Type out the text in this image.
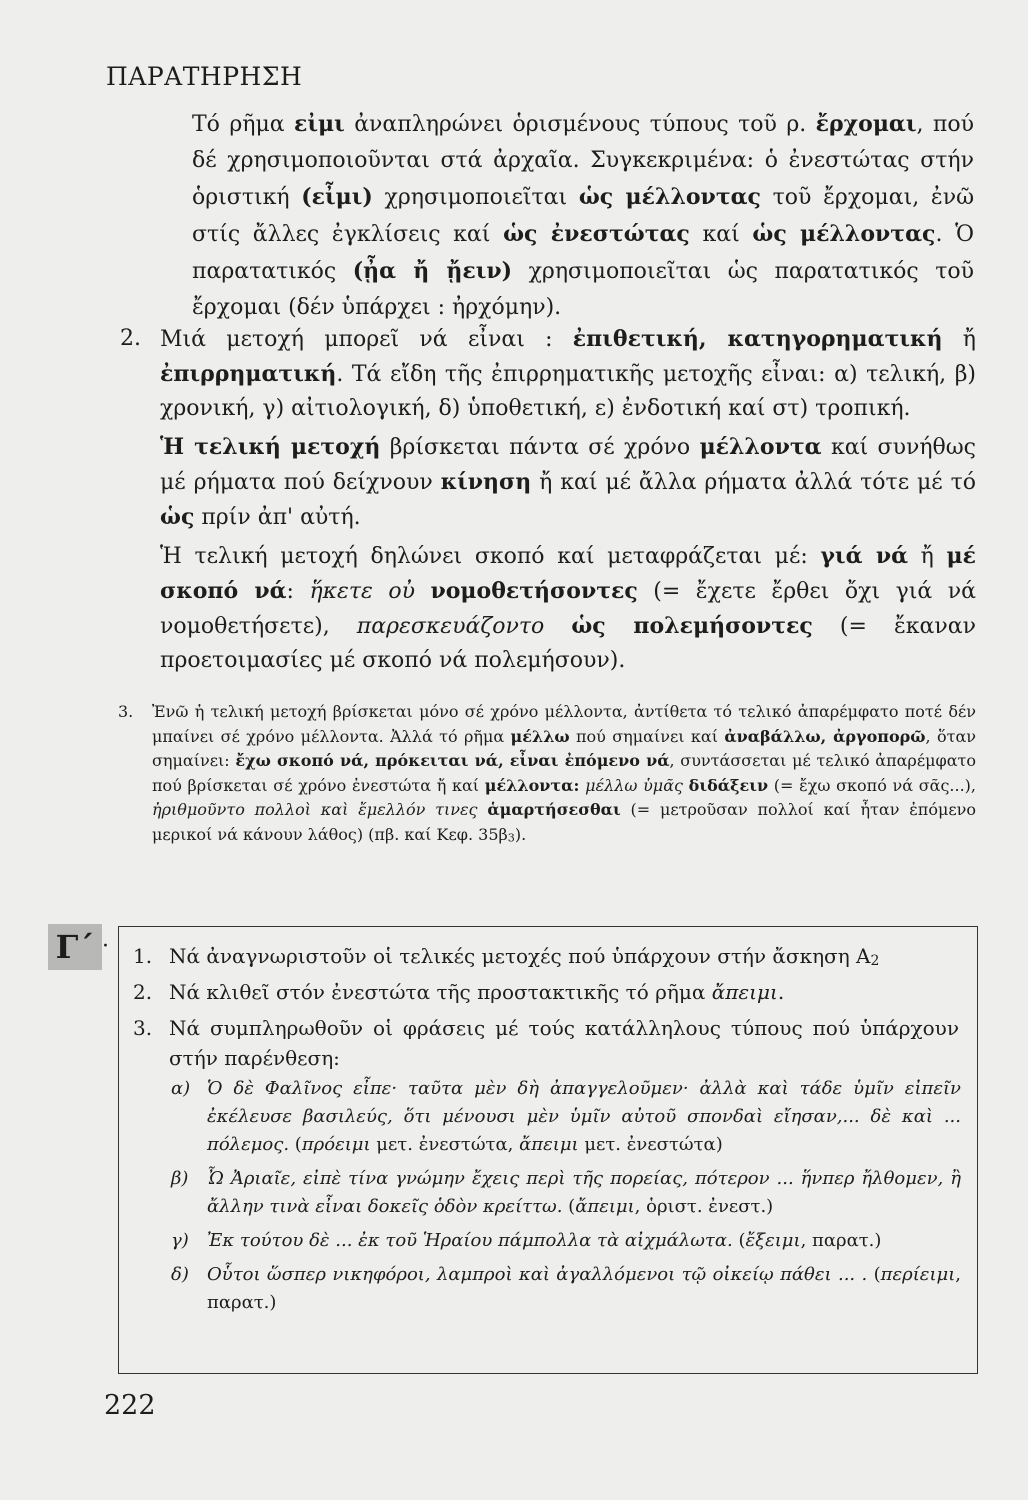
ΠΑΡΑΤΗΡΗΣΗ
Τό ρῆμα εἰμι ἀναπληρώνει ὁρισμένους τύπους τοῦ ρ. ἔρχομαι, πού δέ χρησιμοποιοῦνται στά ἀρχαῖα. Συγκεκριμένα: ὁ ἐνεστώτας στήν ὁριστική (εἶμι) χρησιμοποιεῖται ὡς μέλλοντας τοῦ ἔρχομαι, ἐνῶ στίς ἄλλες ἐγκλίσεις καί ὡς ἐνεστώτας καί ὡς μέλλοντας. Ὁ παρατατικός (ᾖα ἤ ᾔειν) χρησιμοποιεῖται ὡς παρατατικός τοῦ ἔρχομαι (δέν ὑπάρχει : ἠρχόμην).
2. Μιά μετοχή μπορεῖ νά εἶναι : ἐπιθετική, κατηγορηματική ἤ ἐπιρρηματική. Τά εἴδη τῆς ἐπιρρηματικῆς μετοχῆς εἶναι: α) τελική, β) χρονική, γ) αἰτιολογική, δ) ὑποθετική, ε) ἐνδοτική καί στ) τροπική.

Ἡ τελική μετοχή βρίσκεται πάντα σέ χρόνο μέλλοντα καί συνήθως μέ ρήματα πού δείχνουν κίνηση ἤ καί μέ ἄλλα ρήματα ἀλλά τότε μέ τό ὡς πρίν ἀπ' αὐτή.

Ἡ τελική μετοχή δηλώνει σκοπό καί μεταφράζεται μέ: γιά νά ἤ μέ σκοπό νά: ἥκετε οὐ νομοθετήσοντες (= ἔχετε ἔρθει ὄχι γιά νά νομοθετήσετε), παρεσκευάζοντο ὡς πολεμήσοντες (= ἔκαναν προετοιμασίες μέ σκοπό νά πολεμήσουν).

3. Ἐνῶ ἡ τελική μετοχή βρίσκεται μόνο σέ χρόνο μέλλοντα, ἀντίθετα τό τελικό ἀπαρέμφατο ποτέ δέν μπαίνει σέ χρόνο μέλλοντα. Ἀλλά τό ρῆμα μέλλω πού σημαίνει καί ἀναβάλλω, ἀργοπορῶ, ὅταν σημαίνει: ἔχω σκοπό νά, πρόκειται νά, εἶναι ἐπόμενο νά, συντάσσεται μέ τελικό ἀπαρέμφατο πού βρίσκεται σέ χρόνο ἐνεστώτα ἤ καί μέλλοντα: μέλλω ὑμᾶς διδάξειν (= ἔχω σκοπό νά σᾶς...), ἠριθμοῦντο πολλοὶ καὶ ἔμελλόν τινες ἁμαρτήσεσθαι (= μετροῦσαν πολλοί καί ἦταν ἐπόμενο μερικοί νά κάνουν λάθος) (πβ. καί Κεφ. 35β3).
Γ΄ · 1. Νά ἀναγνωριστοῦν οἱ τελικές μετοχές πού ὑπάρχουν στήν ἄσκηση Α2
2. Νά κλιθεῖ στόν ἐνεστώτα τῆς προστακτικῆς τό ρῆμα ἄπειμι.
3. Νά συμπληρωθοῦν οἱ φράσεις μέ τούς κατάλληλους τύπους πού ὑπάρχουν στήν παρένθεση:
α) Ὁ δὲ Φαλῖνος εἶπε· ταῦτα μὲν δὴ ἀπαγγελοῦμεν· ἀλλὰ καὶ τάδε ὑμῖν εἰπεῖν ἐκέλευσε βασιλεύς, ὅτι μένουσι μὲν ὑμῖν αὐτοῦ σπονδαὶ εἴησαν,... δὲ καὶ ... πόλεμος. (πρόειμι μετ. ἐνεστώτα, ἄπειμι μετ. ἐνεστώτα)
β) Ὦ Ἀριαῖε, εἰπὲ τίνα γνώμην ἔχεις περὶ τῆς πορείας, πότερον ... ἥνπερ ἤλθομεν, ἢ ἄλλην τινὰ εἶναι δοκεῖς ὁδὸν κρείττω. (ἄπειμι, ὁριστ. ἐνεστ.)
γ) Ἐκ τούτου δὲ ... ἐκ τοῦ Ἡραίου πάμπολλα τὰ αἰχμάλωτα. (ἔξειμι, παρατ.)
δ) Οὗτοι ὥσπερ νικηφόροι, λαμπροὶ καὶ ἀγαλλόμενοι τῷ οἰκείῳ πάθει ... . (περίειμι, παρατ.)
222
